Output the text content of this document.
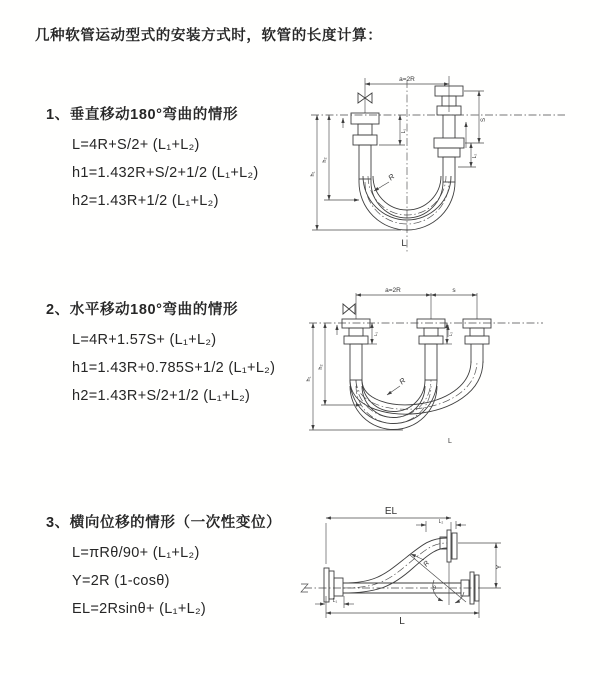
几种软管运动型式的安装方式时，软管的长度计算：
1、垂直移动180°弯曲的情形
L=4R+S/2+ (L₁+L₂)
h1=1.432R+S/2+1/2 (L₁+L₂)
h2=1.43R+1/2 (L₁+L₂)
2、水平移动180°弯曲的情形
L=4R+1.57S+ (L₁+L₂)
h1=1.43R+0.785S+1/2 (L₁+L₂)
h2=1.43R+S/2+1/2 (L₁+L₂)
3、横向位移的情形（一次性变位）
L=πRθ/90+ (L₁+L₂)
Y=2R (1-cosθ)
EL=2Rsinθ+ (L₁+L₂)
a=2R
S
L₂
L₁
h₁
h₂
R
L
a=2R	s
L₁	L₂
h₁
h₂
R
L
EL
L₂
θ
R	Y
L₁
L
